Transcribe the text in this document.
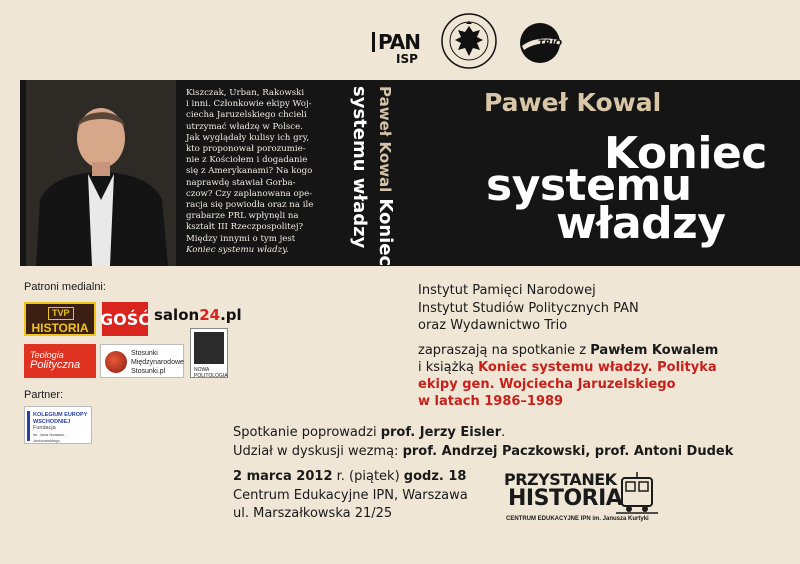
PAN
ISP
TRIO
Kiszczak, Urban, Rakowski
i inni. Członkowie ekipy Woj-
ciecha Jaruzelskiego chcieli
utrzymać władzę w Polsce.
Jak wyglądały kulisy ich gry,
kto proponował porozumie-
nie z Kościołem i dogadanie
się z Amerykanami? Na kogo
naprawdę stawiał Gorba-
czow? Czy zaplanowana ope-
racja się powiodła oraz na ile
grabarze PRL wpłynęli na
kształt III Rzeczpospolitej?
Między innymi o tym jest
Koniec systemu władzy.
Paweł KowalKoniec
systemu władzy	Paweł Kowal
Koniec
systemu
władzy
Patroni medialni:
TVP
HISTORIA GOŚĆ salon24.pl
Teologia
Polityczna
Stosunki
Międzynarodowe
Stosunki.pl	NOWA
POLITOLOGIA
Partner:
KOLEGIUM EUROPY
WSCHODNIEJ
Fundacja
im. Jana Nowaka - Jeziorańskiego
Instytut Pamięci Narodowej
Instytut Studiów Politycznych PAN
oraz Wydawnictwo Trio
zapraszają na spotkanie z Pawłem Kowalem
i książką Koniec systemu władzy. Polityka
ekipy gen. Wojciecha Jaruzelskiego
w latach 1986–1989
Spotkanie poprowadzi prof. Jerzy Eisler.
Udział w dyskusji wezmą: prof. Andrzej Paczkowski, prof. Antoni Dudek
2 marca 2012 r. (piątek) godz. 18
Centrum Edukacyjne IPN, Warszawa
ul. Marszałkowska 21/25
PRZYSTANEK
HISTORIA
CENTRUM EDUKACYJNE IPN im. Janusza Kurtyki
